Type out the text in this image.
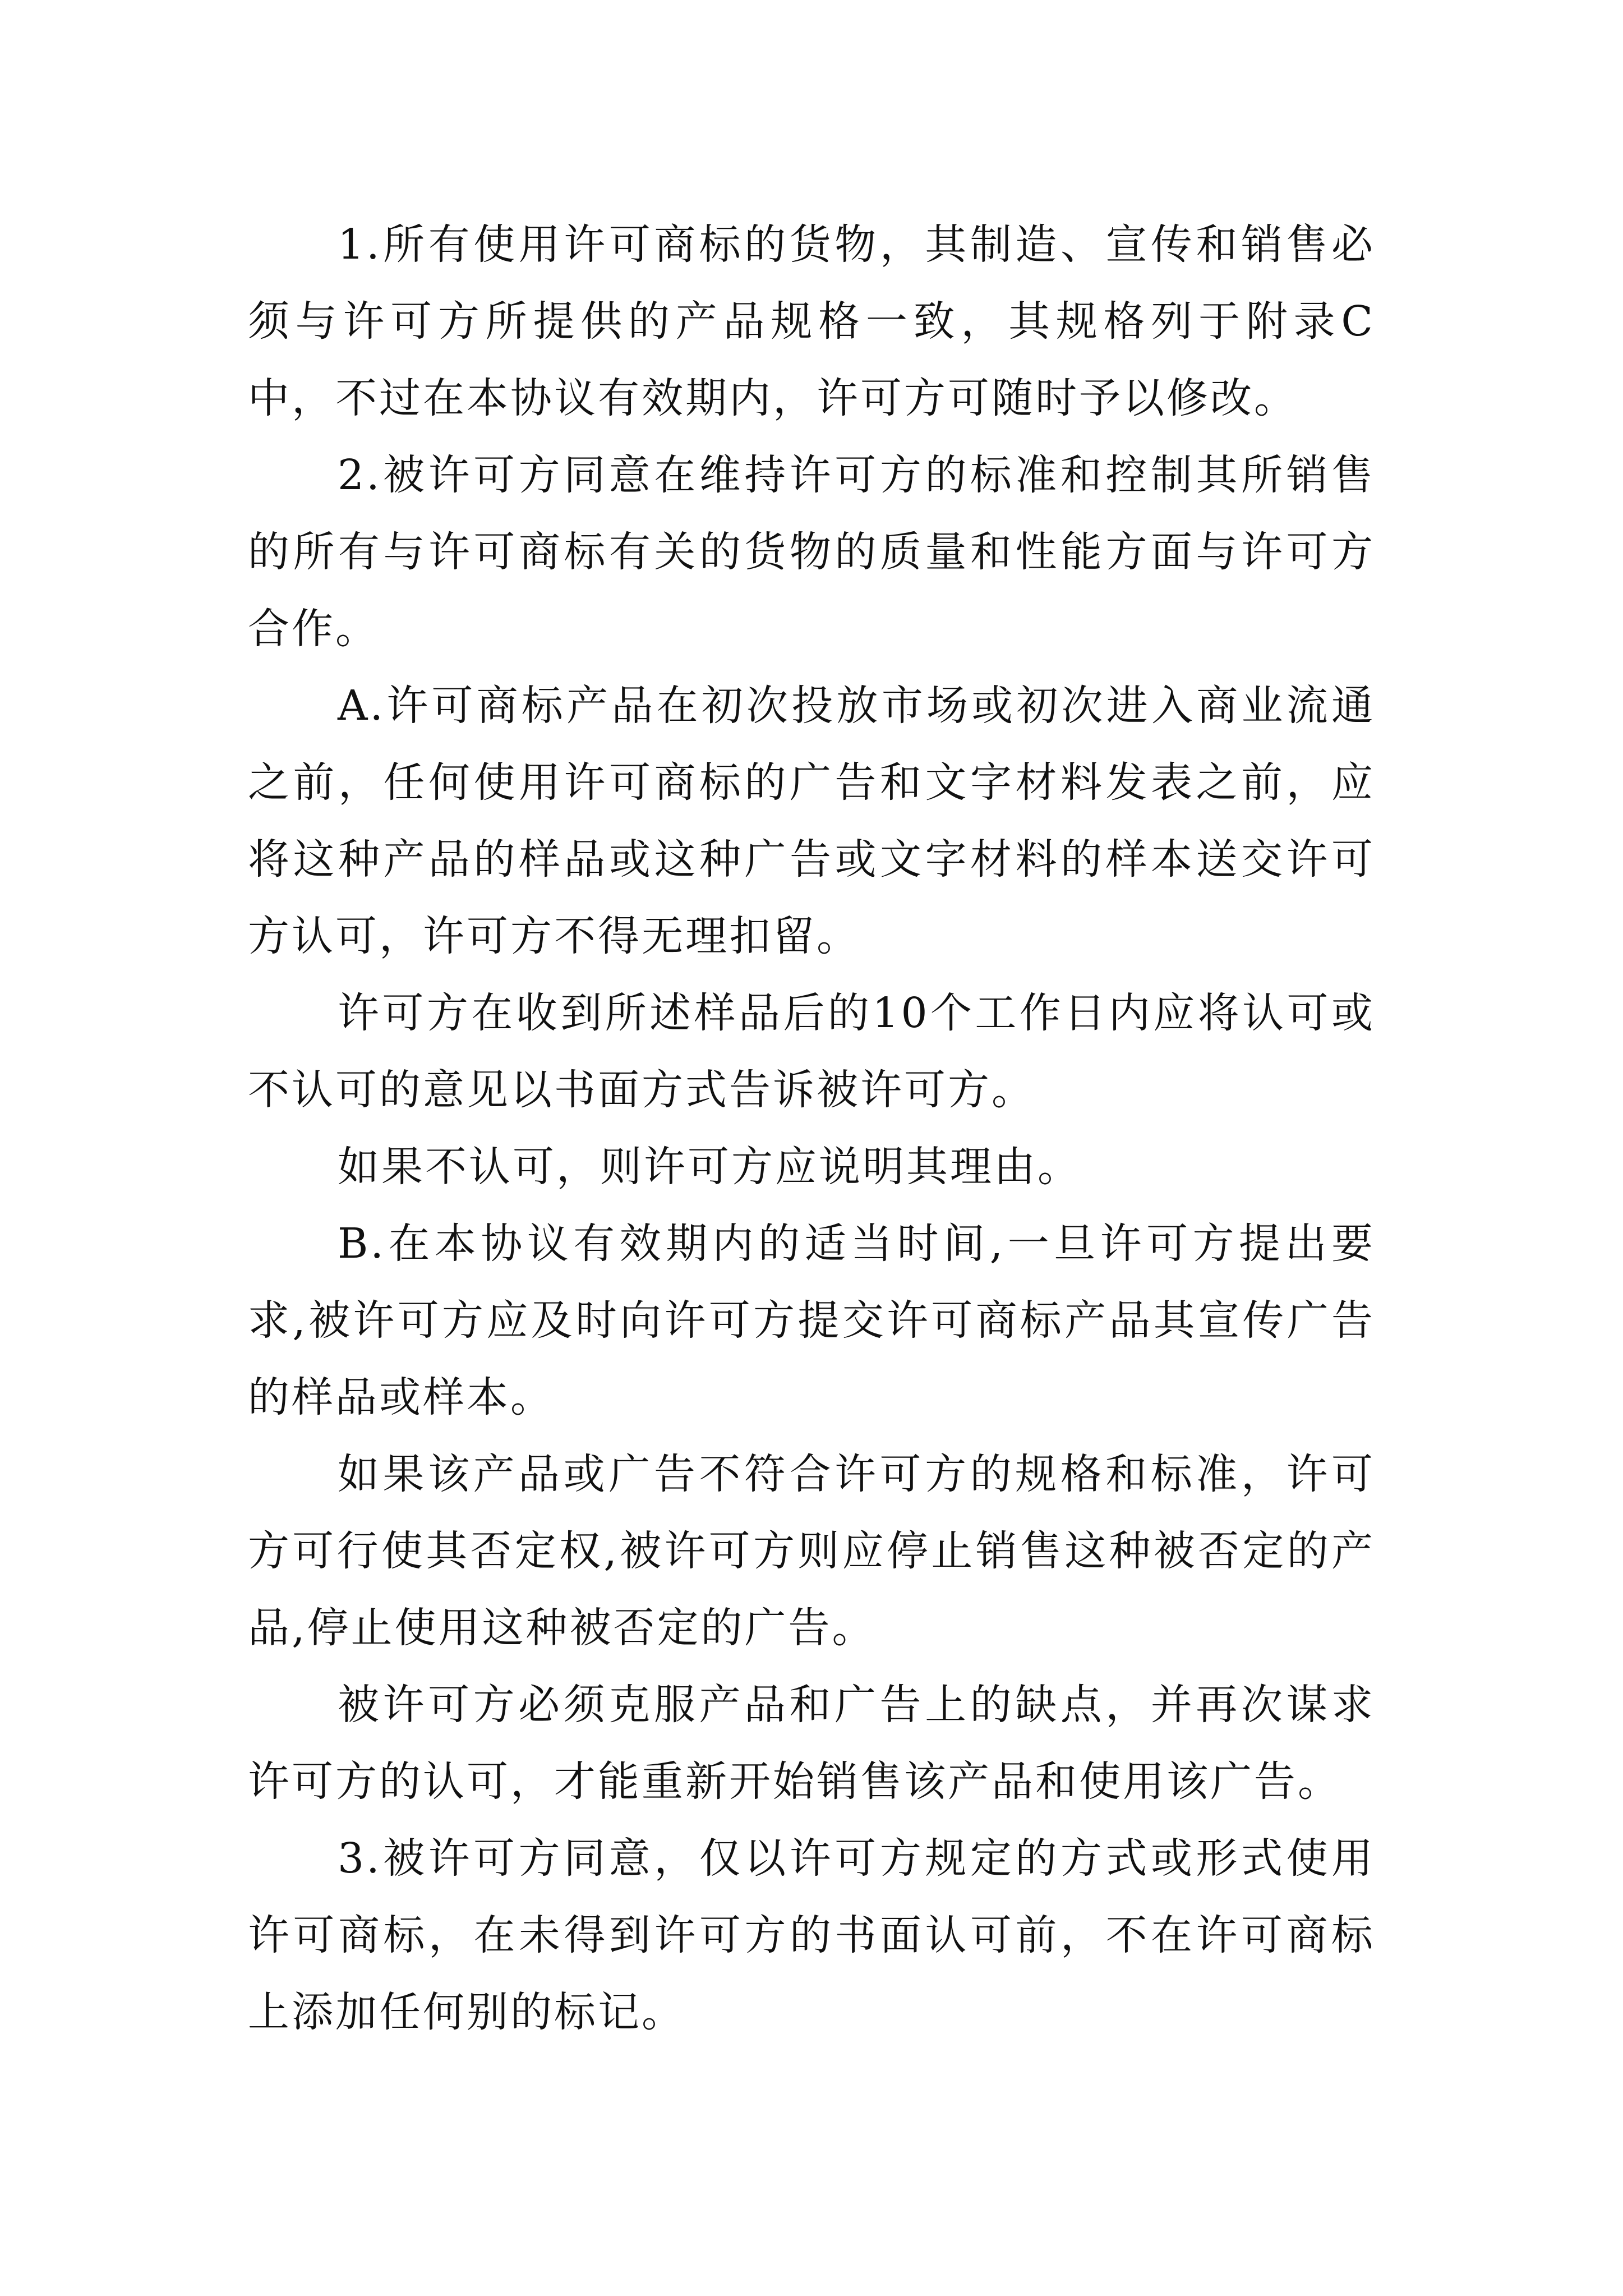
1.所有使用许可商标的货物，其制造、宣传和销售必须与许可方所提供的产品规格一致，其规格列于附录C中，不过在本协议有效期内，许可方可随时予以修改。

2.被许可方同意在维持许可方的标准和控制其所销售的所有与许可商标有关的货物的质量和性能方面与许可方合作。

A.许可商标产品在初次投放市场或初次进入商业流通之前，任何使用许可商标的广告和文字材料发表之前，应将这种产品的样品或这种广告或文字材料的样本送交许可方认可，许可方不得无理扣留。

许可方在收到所述样品后的10个工作日内应将认可或不认可的意见以书面方式告诉被许可方。

如果不认可，则许可方应说明其理由。

B.在本协议有效期内的适当时间,一旦许可方提出要求,被许可方应及时向许可方提交许可商标产品其宣传广告的样品或样本。

如果该产品或广告不符合许可方的规格和标准，许可方可行使其否定权,被许可方则应停止销售这种被否定的产品,停止使用这种被否定的广告。

被许可方必须克服产品和广告上的缺点，并再次谋求许可方的认可，才能重新开始销售该产品和使用该广告。

3.被许可方同意，仅以许可方规定的方式或形式使用许可商标，在未得到许可方的书面认可前，不在许可商标上添加任何别的标记。
